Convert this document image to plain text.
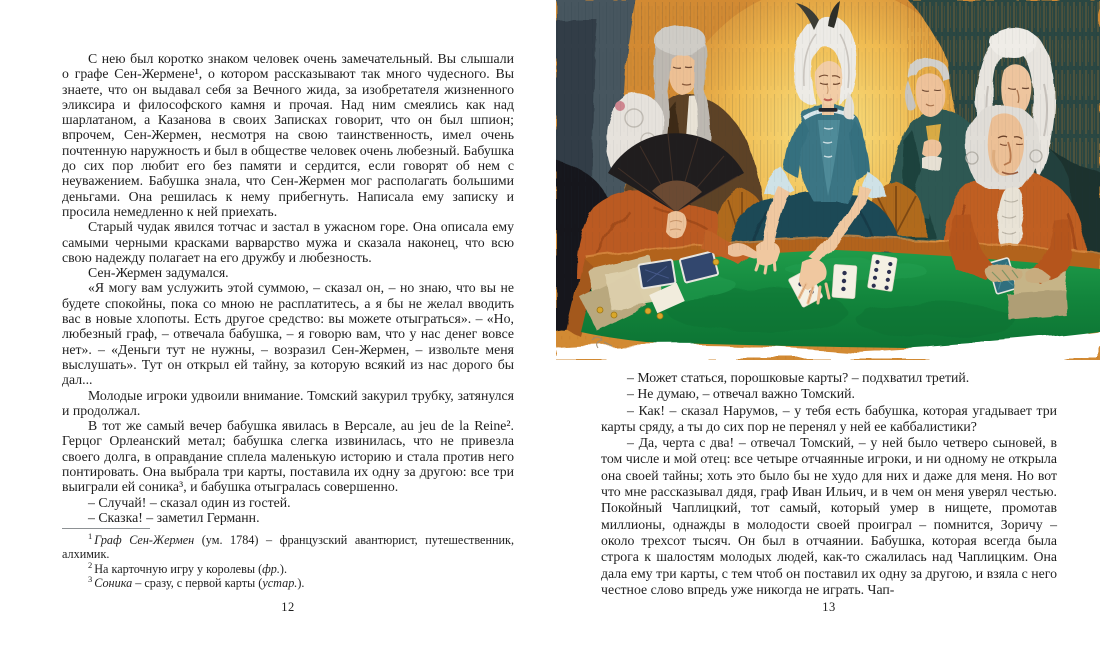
С нею был коротко знаком человек очень замечательный. Вы слышали о графе Сен-Жермене¹, о котором рассказывают так много чудесного. Вы знаете, что он выдавал себя за Вечного жида, за изобретателя жизненного эликсира и философского камня и прочая. Над ним смеялись как над шарлатаном, а Казанова в своих Записках говорит, что он был шпион; впрочем, Сен-Жермен, несмотря на свою таинственность, имел очень почтенную наружность и был в обществе человек очень любезный. Бабушка до сих пор любит его без памяти и сердится, если говорят об нем с неуважением. Бабушка знала, что Сен-Жермен мог располагать большими деньгами. Она решилась к нему прибегнуть. Написала ему записку и просила немедленно к ней приехать.

Старый чудак явился тотчас и застал в ужасном горе. Она описала ему самыми черными красками варварство мужа и сказала наконец, что всю свою надежду полагает на его дружбу и любезность.

Сен-Жермен задумался.

«Я могу вам услужить этой суммою, – сказал он, – но знаю, что вы не будете спокойны, пока со мною не расплатитесь, а я бы не желал вводить вас в новые хлопоты. Есть другое средство: вы можете отыграться». – «Но, любезный граф, – отвечала бабушка, – я говорю вам, что у нас денег вовсе нет». – «Деньги тут не нужны, – возразил Сен-Жермен, – извольте меня выслушать». Тут он открыл ей тайну, за которую всякий из нас дорого бы дал...

Молодые игроки удвоили внимание. Томский закурил трубку, затянулся и продолжал.

В тот же самый вечер бабушка явилась в Версале, au jeu de la Reine². Герцог Орлеанский метал; бабушка слегка извинилась, что не привезла своего долга, в оправдание сплела маленькую историю и стала против него понтировать. Она выбрала три карты, поставила их одну за другою: все три выиграли ей соника³, и бабушка отыгралась совершенно.

– Случай! – сказал один из гостей.

– Сказка! – заметил Германн.

$^1$ Граф Сен-Жермен (ум. 1784) – французский авантюрист, путешественник, алхимик.

$^2$ На карточную игру у королевы (фр.).

$^3$ Соника – сразу, с первой карты (устар.).

12

– Может статься, порошковые карты? – подхватил третий.

– Не думаю, – отвечал важно Томский.

– Как! – сказал Нарумов, – у тебя есть бабушка, которая угадывает три карты сряду, а ты до сих пор не перенял у ней ее каббалистики?

– Да, черта с два! – отвечал Томский, – у ней было четверо сыновей, в том числе и мой отец: все четыре отчаянные игроки, и ни одному не открыла она своей тайны; хоть это было бы не худо для них и даже для меня. Но вот что мне рассказывал дядя, граф Иван Ильич, и в чем он меня уверял честью. Покойный Чаплицкий, тот самый, который умер в нищете, промотав миллионы, однажды в молодости своей проиграл – помнится, Зоричу – около трехсот тысяч. Он был в отчаянии. Бабушка, которая всегда была строга к шалостям молодых людей, как-то сжалилась над Чаплицким. Она дала ему три карты, с тем чтоб он поставил их одну за другою, и взяла с него честное слово впредь уже никогда не играть. Чап-

13
